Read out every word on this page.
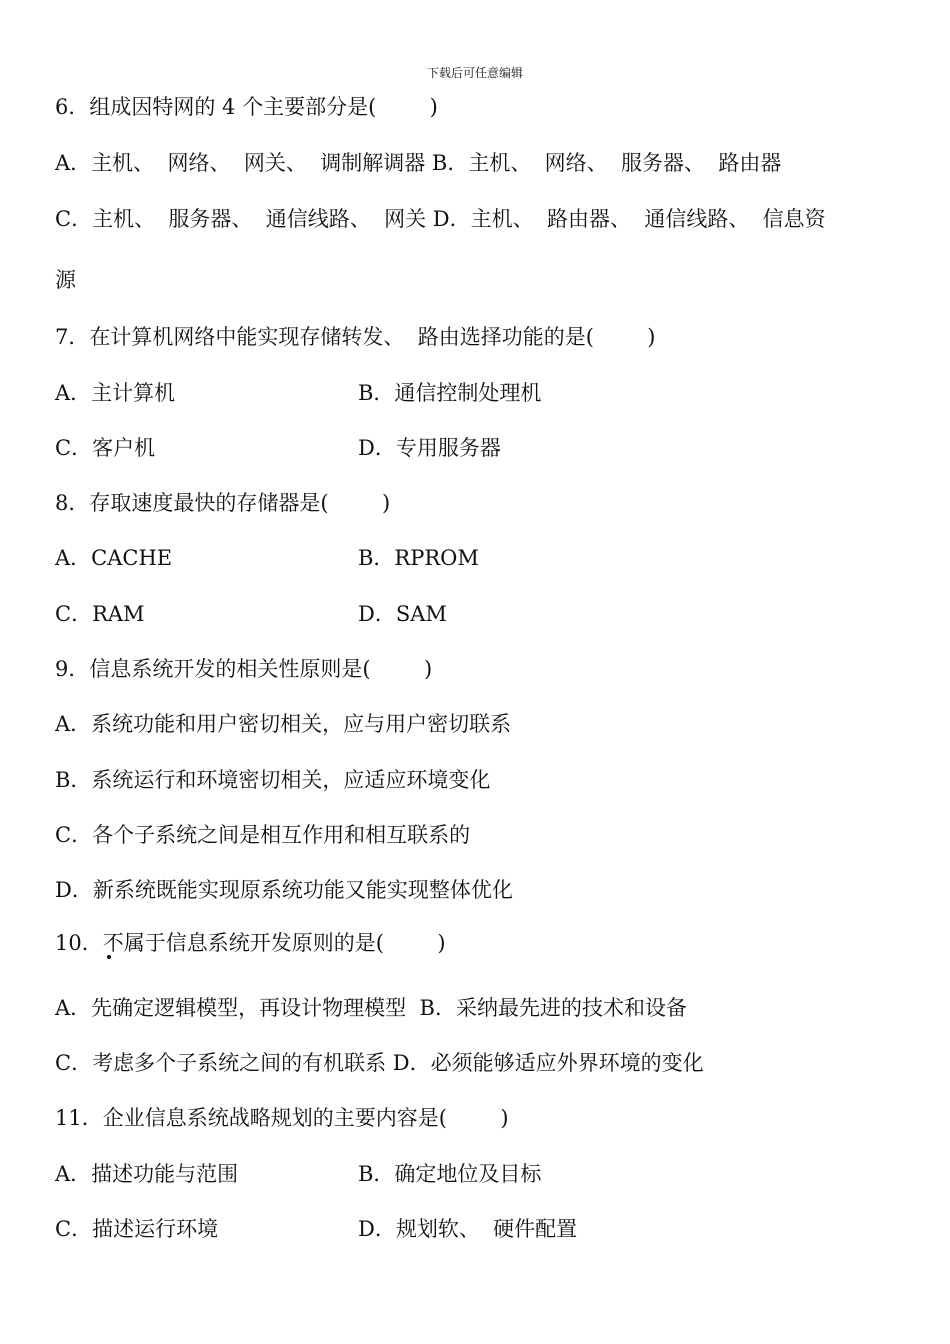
下载后可任意编辑
6．组成因特网的 4 个主要部分是(        )
A．主机、  网络、  网关、  调制解调器 B．主机、  网络、  服务器、  路由器
C．主机、  服务器、  通信线路、  网关 D．主机、  路由器、  通信线路、  信息资
源
7．在计算机网络中能实现存储转发、  路由选择功能的是(        )
A．主计算机	B．通信控制处理机
C．客户机	D．专用服务器
8．存取速度最快的存储器是(        )
A．CACHE	B．RPROM
C．RAM	D．SAM
9．信息系统开发的相关性原则是(        )
A．系统功能和用户密切相关，应与用户密切联系
B．系统运行和环境密切相关，应适应环境变化
C．各个子系统之间是相互作用和相互联系的
D．新系统既能实现原系统功能又能实现整体优化
10．不属于信息系统开发原则的是(        )
A．先确定逻辑模型，再设计物理模型  B．采纳最先进的技术和设备
C．考虑多个子系统之间的有机联系 D．必须能够适应外界环境的变化
11．企业信息系统战略规划的主要内容是(        )
A．描述功能与范围	B．确定地位及目标
C．描述运行环境	D．规划软、  硬件配置
